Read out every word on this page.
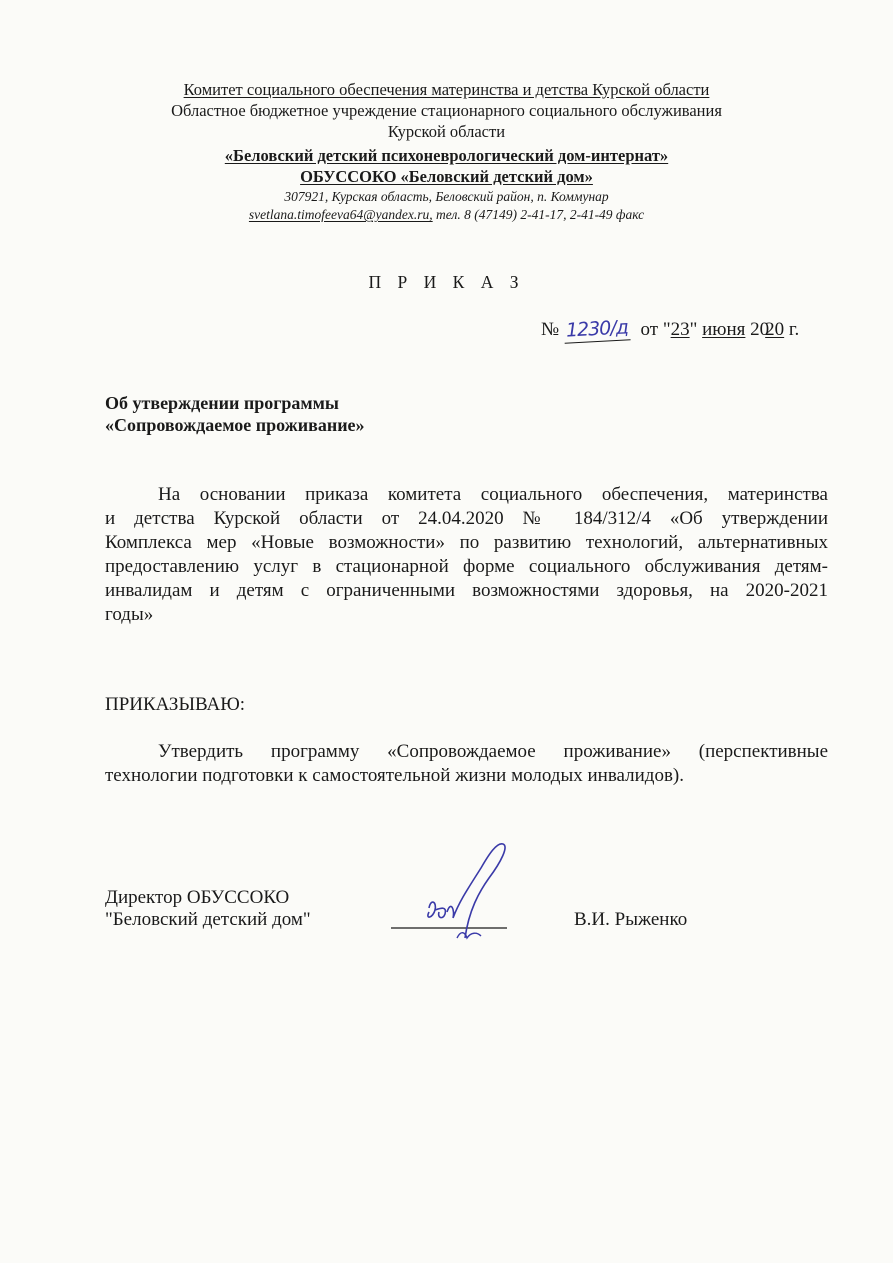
Комитет социального обеспечения материнства и детства Курской области
Областное бюджетное учреждение стационарного социального обслуживания
Курской области
«Беловский детский психоневрологический дом-интернат»
ОБУССОКО «Беловский детский дом»
307921, Курская область, Беловский район, п. Коммунар
svetlana.timofeeva64@yandex.ru, тел. 8 (47149) 2-41-17, 2-41-49 факс
П Р И К А З
№ 1230/д от "23" июня 2020 г.
Об утверждении программы
«Сопровождаемое проживание»
На основании приказа комитета социального обеспечения, материнства
и детства Курской области от 24.04.2020 № 184/312/4 «Об утверждении
Комплекса мер «Новые возможности» по развитию технологий, альтернативных
предоставлению услуг в стационарной форме социального обслуживания детям-
инвалидам и детям с ограниченными возможностями здоровья, на 2020-2021
годы»
ПРИКАЗЫВАЮ:
Утвердить программу «Сопровождаемое проживание» (перспективные
технологии подготовки к самостоятельной жизни молодых инвалидов).
Директор ОБУССОКО
"Беловский детский дом"	В.И. Рыженко
